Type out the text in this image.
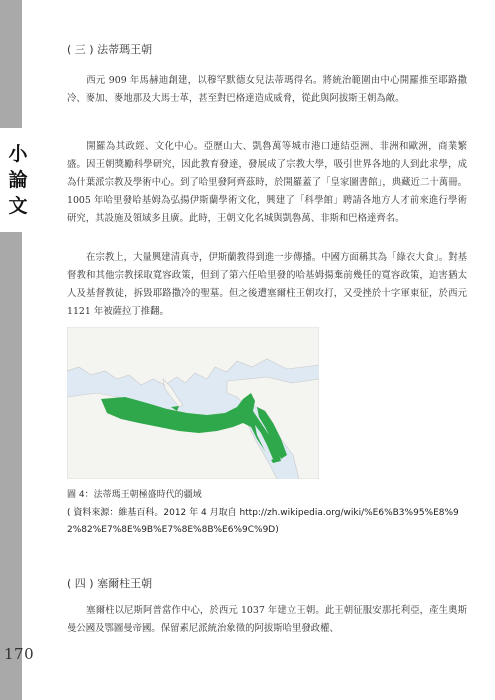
小
論
文
170
( 三 ) 法蒂瑪王朝
西元 909 年馬赫迪創建，以穆罕默德女兒法蒂瑪得名。將統治範圍由中心開羅推至耶路撒冷、麥加、麥地那及大馬士革，甚至對巴格達造成威脅，從此與阿拔斯王朝為敵。
開羅為其政經、文化中心。亞歷山大、凱魯萬等城市港口連結亞洲、非洲和歐洲，商業繁盛。因王朝獎勵科學研究，因此教育發達，發展成了宗教大學，吸引世界各地的人到此求學，成為什葉派宗教及學術中心。到了哈里發阿齊茲時，於開羅蓋了「皇家圖書館」，典藏近二十萬冊。1005 年哈里發哈基姆為弘揚伊斯蘭學術文化，興建了「科學館」聘請各地方人才前來進行學術研究，其設施及領域多且廣。此時，王朝文化名城與凱魯萬、非斯和巴格達齊名。
在宗教上，大量興建清真寺，伊斯蘭教得到進一步傳播。中國方面稱其為「綠衣大食」。對基督教和其他宗教採取寬容政策，但到了第六任哈里發的哈基姆揚棄前幾任的寬容政策，迫害猶太人及基督教徒，拆毀耶路撒冷的聖墓。但之後遭塞爾柱王朝攻打，又受挫於十字軍東征，於西元 1121 年被薩拉丁推翻。
圖 4：法蒂瑪王朝極盛時代的疆域
( 資料來源：維基百科。2012 年 4 月取自 http://zh.wikipedia.org/wiki/%E6%B3%95%E8%92%82%E7%8E%9B%E7%8E%8B%E6%9C%9D)
( 四 ) 塞爾柱王朝
塞爾柱以尼斯阿普當作中心，於西元 1037 年建立王朝。此王朝征服安那托利亞，產生奧斯曼公國及鄂圖曼帝國。保留素尼派統治象徵的阿拔斯哈里發政權、
